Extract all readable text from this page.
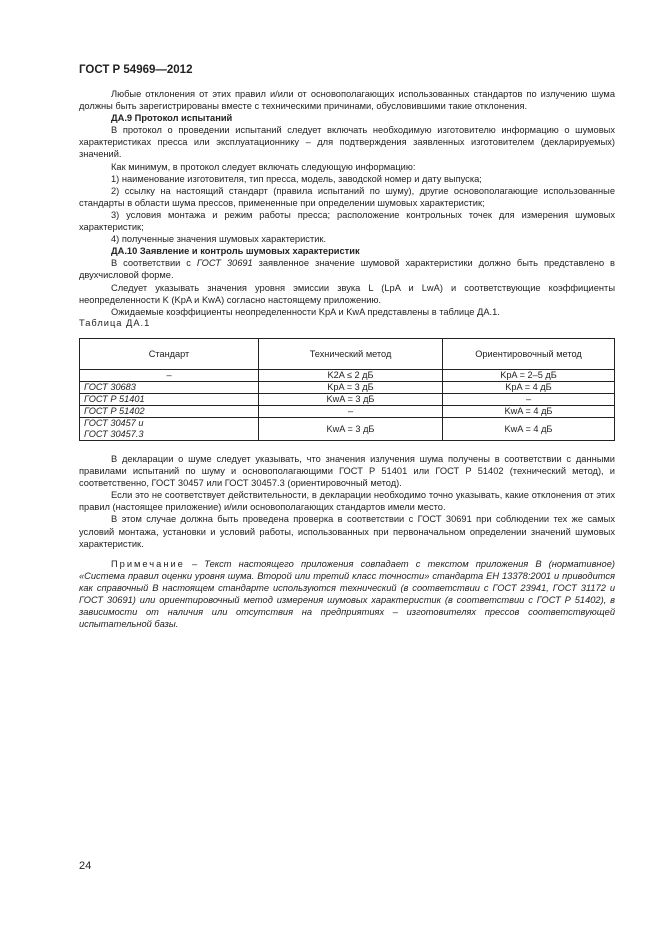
ГОСТ Р 54969—2012

Любые отклонения от этих правил и/или от основополагающих использованных стандартов по излучению шума должны быть зарегистрированы вместе с техническими причинами, обусловившими такие отклонения.

ДА.9 Протокол испытаний

В протокол о проведении испытаний следует включать необходимую изготовителю информацию о шумовых характеристиках пресса или эксплуатационнику – для подтверждения заявленных изготовителем (декларируемых) значений.

Как минимум, в протокол следует включать следующую информацию:

1) наименование изготовителя, тип пресса, модель, заводской номер и дату выпуска;

2) ссылку на настоящий стандарт (правила испытаний по шуму), другие основополагающие использованные стандарты в области шума прессов, примененные при определении шумовых характеристик;

3) условия монтажа и режим работы пресса; расположение контрольных точек для измерения шумовых характеристик;

4) полученные значения шумовых характеристик.

ДА.10 Заявление и контроль шумовых характеристик

В соответствии с ГОСТ 30691 заявленное значение шумовой характеристики должно быть представлено в двухчисловой форме.

Следует указывать значения уровня эмиссии звука L (LpA и LwA) и соответствующие коэффициенты неопределенности K (KpA и KwA) согласно настоящему приложению.

Ожидаемые коэффициенты неопределенности KpA и KwA представлены в таблице ДА.1.

Таблица ДА.1
Стандарт	Технический метод	Ориентировочный метод
–	K2A ≤ 2 дБ	KpA = 2–5 дБ
ГОСТ 30683	KpA = 3 дБ	KpA = 4 дБ
ГОСТ Р 51401	KwA = 3 дБ	–
ГОСТ Р 51402	–	KwA = 4 дБ
ГОСТ 30457 и
ГОСТ 30457.3	KwA = 3 дБ	KwA = 4 дБ

В декларации о шуме следует указывать, что значения излучения шума получены в соответствии с данными правилами испытаний по шуму и основополагающими ГОСТ Р 51401 или ГОСТ Р 51402 (технический метод), и соответственно, ГОСТ 30457 или ГОСТ 30457.3 (ориентировочный метод).

Если это не соответствует действительности, в декларации необходимо точно указывать, какие отклонения от этих правил (настоящее приложение) и/или основополагающих стандартов имели место.

В этом случае должна быть проведена проверка в соответствии с ГОСТ 30691 при соблюдении тех же самых условий монтажа, установки и условий работы, использованных при первоначальном определении значений шумовых характеристик.

Примечание – Текст настоящего приложения совпадает с текстом приложения В (нормативное) «Система правил оценки уровня шума. Второй или третий класс точности» стандарта ЕН 13378:2001 и приводится как справочный В настоящем стандарте используются технический (в соответствии с ГОСТ 23941, ГОСТ 31172 и ГОСТ 30691) или ориентировочный метод измерения шумовых характеристик (в соответствии с ГОСТ Р 51402), в зависимости от наличия или отсутствия на предприятиях – изготовителях прессов соответствующей испытательной базы.

24
